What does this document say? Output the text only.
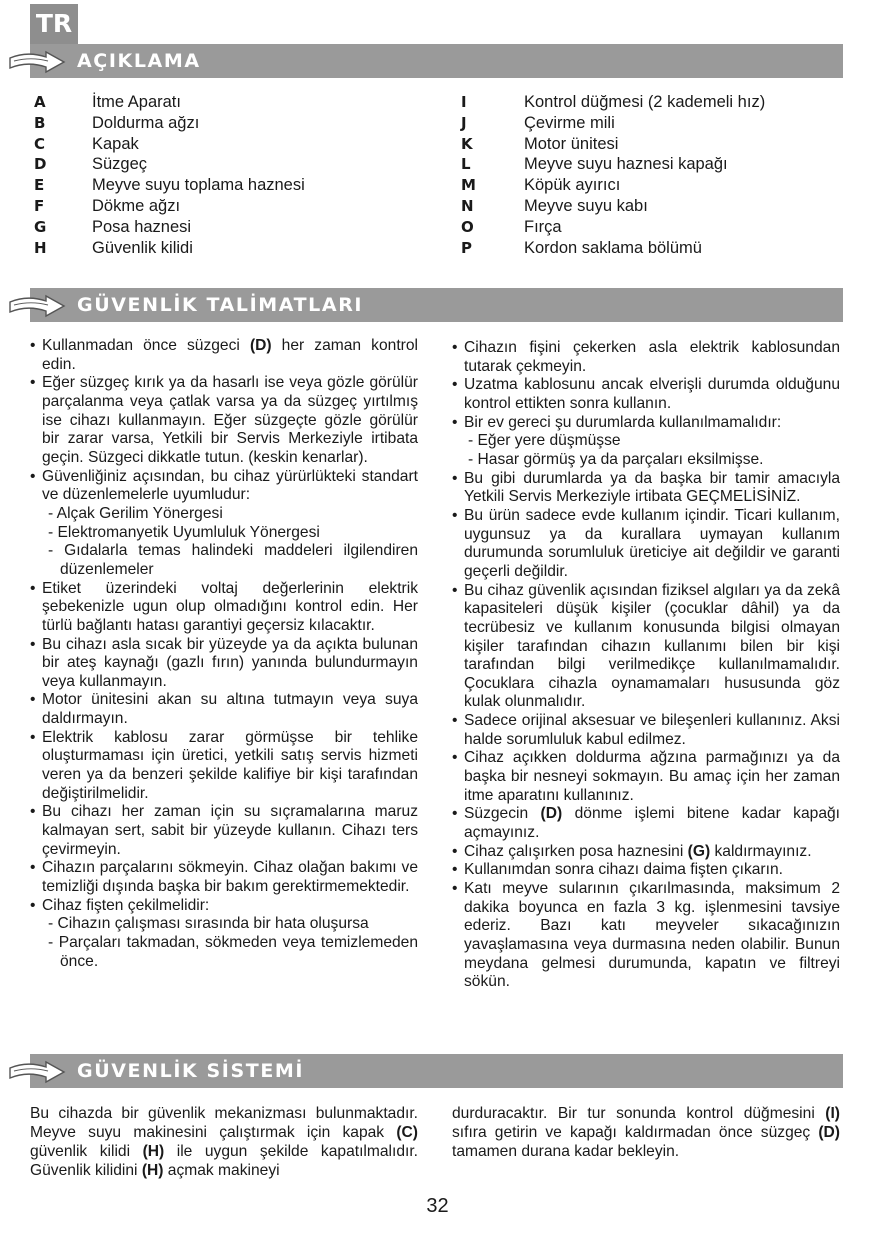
TR
AÇIKLAMA
A	İtme Aparatı
B	Doldurma ağzı
C	Kapak
D	Süzgeç
E	Meyve suyu toplama haznesi
F	Dökme ağzı
G	Posa haznesi
H	Güvenlik kilidi
I	Kontrol düğmesi (2 kademeli hız)
J	Çevirme mili
K	Motor ünitesi
L	Meyve suyu haznesi kapağı
M	Köpük ayırıcı
N	Meyve suyu kabı
O	Fırça
P	Kordon saklama bölümü
GÜVENLİK TALİMATLARI
• Kullanmadan önce süzgeci (D) her zaman kontrol edin.
• Eğer süzgeç kırık ya da hasarlı ise veya gözle görülür parçalanma veya çatlak varsa ya da süzgeç yırtılmış ise cihazı kullanmayın. Eğer süzgeçte gözle görülür bir zarar varsa, Yetkili bir Servis Merkeziyle irtibata geçin. Süzgeci dikkatle tutun. (keskin kenarlar).
• Güvenliğiniz açısından, bu cihaz yürürlükteki standart ve düzenlemelerle uyumludur:
- Alçak Gerilim Yönergesi
- Elektromanyetik Uyumluluk Yönergesi
- Gıdalarla temas halindeki maddeleri ilgilendiren düzenlemeler
• Etiket üzerindeki voltaj değerlerinin elektrik şebekenizle ugun olup olmadığını kontrol edin. Her türlü bağlantı hatası garantiyi geçersiz kılacaktır.
• Bu cihazı asla sıcak bir yüzeyde ya da açıkta bulunan bir ateş kaynağı (gazlı fırın) yanında bulundurmayın veya kullanmayın.
• Motor ünitesini akan su altına tutmayın veya suya daldırmayın.
• Elektrik kablosu zarar görmüşse bir tehlike oluşturmaması için üretici, yetkili satış servis hizmeti veren ya da benzeri şekilde kalifiye bir kişi tarafından değiştirilmelidir.
• Bu cihazı her zaman için su sıçramalarına maruz kalmayan sert, sabit bir yüzeyde kullanın. Cihazı ters çevirmeyin.
• Cihazın parçalarını sökmeyin. Cihaz olağan bakımı ve temizliği dışında başka bir bakım gerektirmemektedir.
• Cihaz fişten çekilmelidir:
- Cihazın çalışması sırasında bir hata oluşursa
- Parçaları takmadan, sökmeden veya temizlemeden önce.
• Cihazın fişini çekerken asla elektrik kablosundan tutarak çekmeyin.
• Uzatma kablosunu ancak elverişli durumda olduğunu kontrol ettikten sonra kullanın.
• Bir ev gereci şu durumlarda kullanılmamalıdır:
- Eğer yere düşmüşse
- Hasar görmüş ya da parçaları eksilmişse.
• Bu gibi durumlarda ya da başka bir tamir amacıyla Yetkili Servis Merkeziyle irtibata GEÇMELİSİNİZ.
• Bu ürün sadece evde kullanım içindir. Ticari kullanım, uygunsuz ya da kurallara uymayan kullanım durumunda sorumluluk üreticiye ait değildir ve garanti geçerli değildir.
• Bu cihaz güvenlik açısından fiziksel algıları ya da zekâ kapasiteleri düşük kişiler (çocuklar dâhil) ya da tecrübesiz ve kullanım konusunda bilgisi olmayan kişiler tarafından cihazın kullanımı bilen bir kişi tarafından bilgi verilmedikçe kullanılmamalıdır. Çocuklara cihazla oynamamaları hususunda göz kulak olunmalıdır.
• Sadece orijinal aksesuar ve bileşenleri kullanınız. Aksi halde sorumluluk kabul edilmez.
• Cihaz açıkken doldurma ağzına parmağınızı ya da başka bir nesneyi sokmayın. Bu amaç için her zaman itme aparatını kullanınız.
• Süzgecin (D) dönme işlemi bitene kadar kapağı açmayınız.
• Cihaz çalışırken posa haznesini (G) kaldırmayınız.
• Kullanımdan sonra cihazı daima fişten çıkarın.
• Katı meyve sularının çıkarılmasında, maksimum 2 dakika boyunca en fazla 3 kg. işlenmesini tavsiye ederiz. Bazı katı meyveler sıkacağınızın yavaşlamasına veya durmasına neden olabilir. Bunun meydana gelmesi durumunda, kapatın ve filtreyi sökün.
GÜVENLİK SİSTEMİ
Bu cihazda bir güvenlik mekanizması bulunmaktadır. Meyve suyu makinesini çalıştırmak için kapak (C) güvenlik kilidi (H) ile uygun şekilde kapatılmalıdır. Güvenlik kilidini (H) açmak makineyi
durduracaktır. Bir tur sonunda kontrol düğmesini (I) sıfıra getirin ve kapağı kaldırmadan önce süzgeç (D) tamamen durana kadar bekleyin.
32
